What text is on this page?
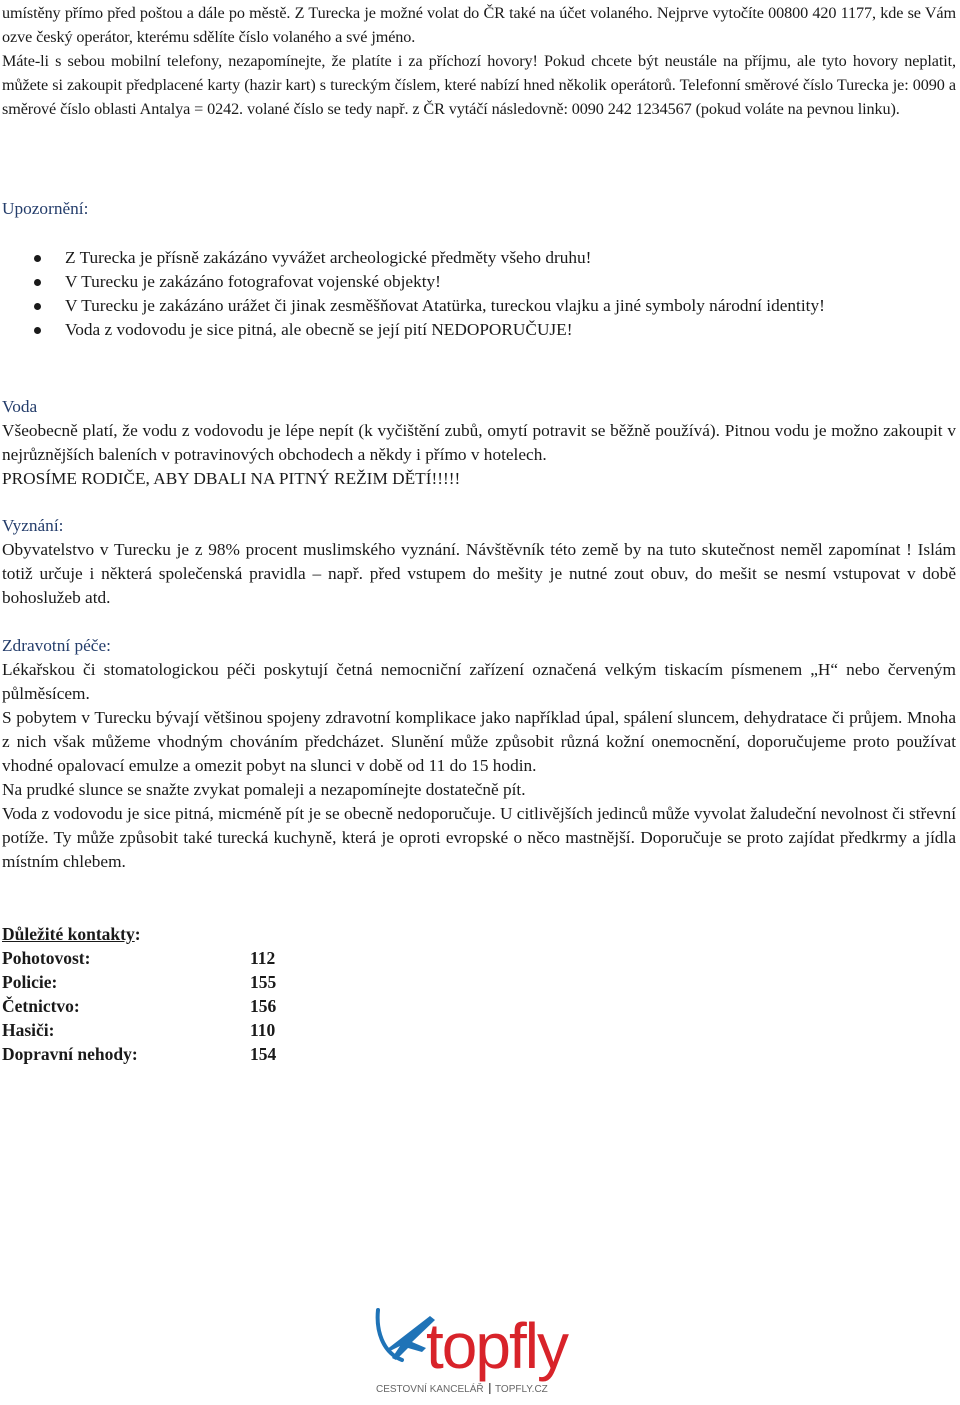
umístěny přímo před poštou a dále po městě. Z Turecka je možné volat do ČR také na účet volaného. Nejprve vytočíte 00800 420 1177, kde se Vám ozve český operátor, kterému sdělíte číslo volaného a své jméno.

Máte-li s sebou mobilní telefony, nezapomínejte, že platíte i za příchozí hovory! Pokud chcete být neustále na příjmu, ale tyto hovory neplatit, můžete si zakoupit předplacené karty (hazir kart) s tureckým číslem, které nabízí hned několik operátorů. Telefonní směrové číslo Turecka je: 0090 a směrové číslo oblasti Antalya = 0242. volané číslo se tedy např. z ČR vytáčí následovně: 0090 242 1234567 (pokud voláte na pevnou linku).

Upozornění:

Z Turecka je přísně zakázáno vyvážet archeologické předměty všeho druhu!
V Turecku je zakázáno fotografovat vojenské objekty!
V Turecku je zakázáno urážet či jinak zesměšňovat Atatürka, tureckou vlajku a jiné symboly národní identity!
Voda z vodovodu je sice pitná, ale obecně se její pití NEDOPORUČUJE!

Voda

Všeobecně platí, že vodu z vodovodu je lépe nepít (k vyčištění zubů, omytí potravit se běžně používá). Pitnou vodu je možno zakoupit v nejrůznějších baleních v potravinových obchodech a někdy i přímo v hotelech.

PROSÍME RODIČE, ABY DBALI NA PITNÝ REŽIM DĚTÍ!!!!!

Vyznání:

Obyvatelstvo v Turecku je z 98% procent muslimského vyznání. Návštěvník této země by na tuto skutečnost neměl zapomínat ! Islám totiž určuje i některá společenská pravidla – např. před vstupem do mešity je nutné zout obuv, do mešit se nesmí vstupovat v době bohoslužeb atd.

Zdravotní péče:

Lékařskou či stomatologickou péči poskytují četná nemocniční zařízení označená velkým tiskacím písmenem „H“ nebo červeným půlměsícem.

S pobytem v Turecku bývají většinou spojeny zdravotní komplikace jako například úpal, spálení sluncem, dehydratace či průjem. Mnoha z nich však můžeme vhodným chováním předcházet. Slunění může způsobit různá kožní onemocnění, doporučujeme proto používat vhodné opalovací emulze a omezit pobyt na slunci v době od 11 do 15 hodin.

Na prudké slunce se snažte zvykat pomaleji a nezapomínejte dostatečně pít.

Voda z vodovodu je sice pitná, micméně pít je se obecně nedoporučuje. U citlivějších jedinců může vyvolat žaludeční nevolnost či střevní potíže. Ty může způsobit také turecká kuchyně, která je oproti evropské o něco mastnější. Doporučuje se proto zajídat předkrmy a jídla místním chlebem.

Důležité kontakty:
Pohotovost:	112
Policie:	155
Četnictvo:	156
Hasiči:	110
Dopravní nehody:	154
topfly
CESTOVNÍ KANCELÁŘ TOPFLY.CZ
